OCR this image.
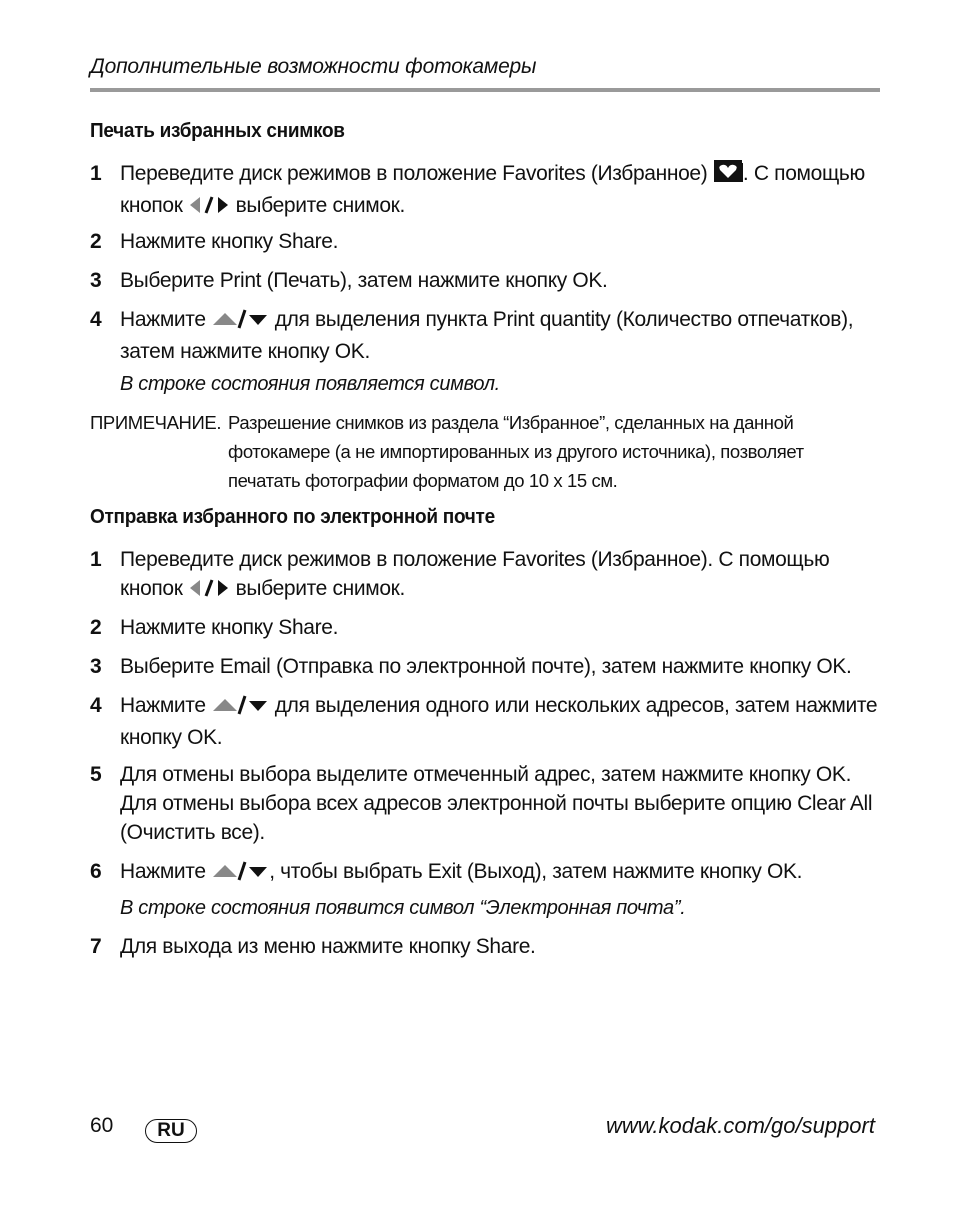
Дополнительные возможности фотокамеры
Печать избранных снимков
1 Переведите диск режимов в положение Favorites (Избранное) . С помощью
кнопок	выберите снимок.
2 Нажмите кнопку Share.
3 Выберите Print (Печать), затем нажмите кнопку OK.
4 Нажмите	для выделения пункта Print quantity (Количество отпечатков),
затем нажмите кнопку OK.
В строке состояния появляется символ.
ПРИМЕЧАНИЕ. Разрешение снимков из раздела “Избранное”, сделанных на данной фотокамере (а не импортированных из другого источника), позволяет печатать фотографии форматом до 10 x 15 см.
Отправка избранного по электронной почте
1 Переведите диск режимов в положение Favorites (Избранное). С помощью
кнопок	выберите снимок.
2 Нажмите кнопку Share.
3 Выберите Email (Отправка по электронной почте), затем нажмите кнопку OK.
4 Нажмите	для выделения одного или нескольких адресов, затем нажмите
кнопку OK.
5 Для отмены выбора выделите отмеченный адрес, затем нажмите кнопку OK.
Для отмены выбора всех адресов электронной почты выберите опцию Clear All
(Очистить все).
6 Нажмите	, чтобы выбрать Exit (Выход), затем нажмите кнопку OK.
В строке состояния появится символ “Электронная почта”.
7 Для выхода из меню нажмите кнопку Share.
60	RU	www.kodak.com/go/support
